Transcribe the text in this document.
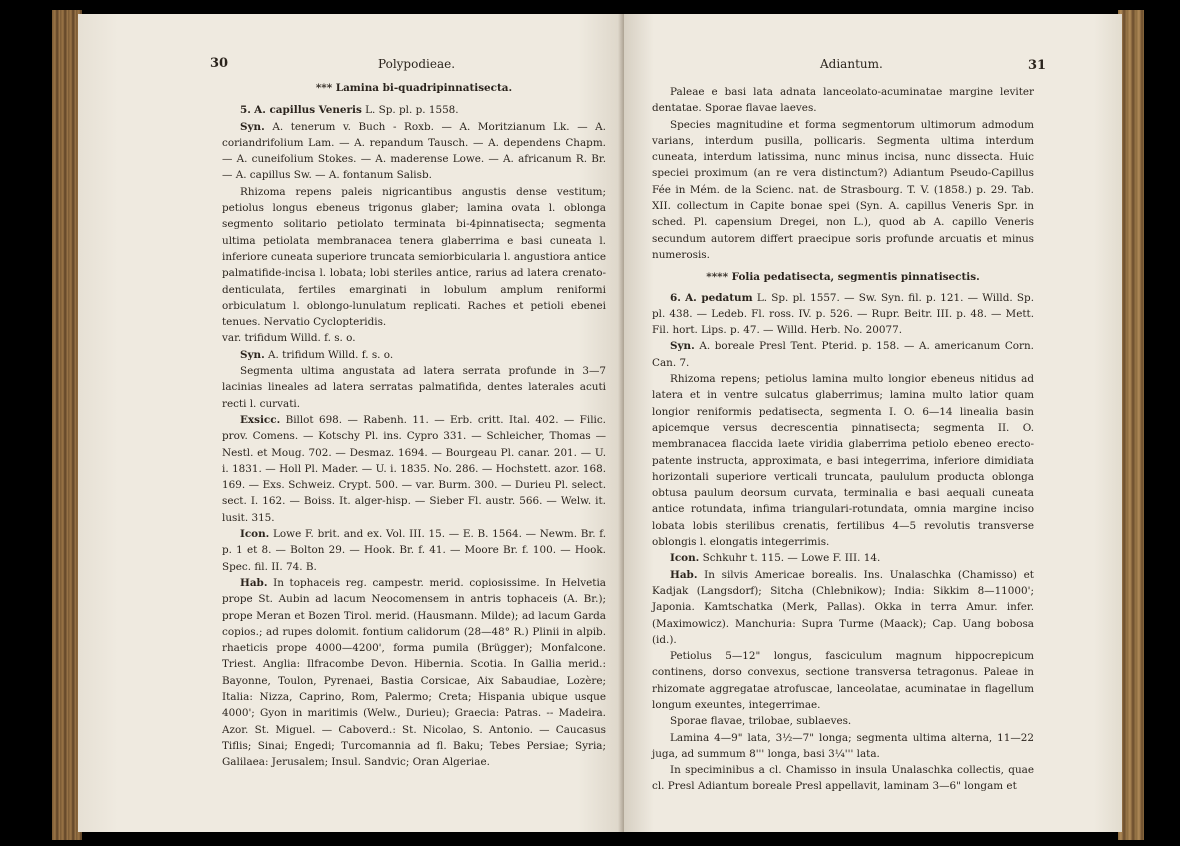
30	Polypodieae.

*** Lamina bi-quadripinnatisecta.

5. A. capillus Veneris L. Sp. pl. p. 1558.

Syn. A. tenerum v. Buch - Roxb. — A. Moritzianum Lk. — A. coriandrifolium Lam. — A. repandum Tausch. — A. dependens Chapm. — A. cuneifolium Stokes. — A. maderense Lowe. — A. africanum R. Br. — A. capillus Sw. — A. fontanum Salisb.

Rhizoma repens paleis nigricantibus angustis dense vestitum; petiolus longus ebeneus trigonus glaber; lamina ovata l. oblonga segmento solitario petiolato terminata bi-4pinnatisecta; segmenta ultima petiolata membranacea tenera glaberrima e basi cuneata l. inferiore cuneata superiore truncata semiorbicularia l. angustiora antice palmatifide-incisa l. lobata; lobi steriles antice, rarius ad latera crenato-denticulata, fertiles emarginati in lobulum amplum reniformi orbiculatum l. oblongo-lunulatum replicati. Raches et petioli ebenei tenues. Nervatio Cyclopteridis.

var. trifidum Willd. f. s. o.

Syn. A. trifidum Willd. f. s. o.

Segmenta ultima angustata ad latera serrata profunde in 3—7 lacinias lineales ad latera serratas palmatifida, dentes laterales acuti recti l. curvati.

Exsicc. Billot 698. — Rabenh. 11. — Erb. critt. Ital. 402. — Filic. prov. Comens. — Kotschy Pl. ins. Cypro 331. — Schleicher, Thomas — Nestl. et Moug. 702. — Desmaz. 1694. — Bourgeau Pl. canar. 201. — U. i. 1831. — Holl Pl. Mader. — U. i. 1835. No. 286. — Hochstett. azor. 168. 169. — Exs. Schweiz. Crypt. 500. — var. Burm. 300. — Durieu Pl. select. sect. I. 162. — Boiss. It. alger-hisp. — Sieber Fl. austr. 566. — Welw. it. lusit. 315.

Icon. Lowe F. brit. and ex. Vol. III. 15. — E. B. 1564. — Newm. Br. f. p. 1 et 8. — Bolton 29. — Hook. Br. f. 41. — Moore Br. f. 100. — Hook. Spec. fil. II. 74. B.

Hab. In tophaceis reg. campestr. merid. copiosissime. In Helvetia prope St. Aubin ad lacum Neocomensem in antris tophaceis (A. Br.); prope Meran et Bozen Tirol. merid. (Hausmann. Milde); ad lacum Garda copios.; ad rupes dolomit. fontium calidorum (28—48° R.) Plinii in alpib. rhaeticis prope 4000—4200', forma pumila (Brügger); Monfalcone. Triest. Anglia: Ilfracombe Devon. Hibernia. Scotia. In Gallia merid.: Bayonne, Toulon, Pyrenaei, Bastia Corsicae, Aix Sabaudiae, Lozère; Italia: Nizza, Caprino, Rom, Palermo; Creta; Hispania ubique usque 4000'; Gyon in maritimis (Welw., Durieu); Graecia: Patras. -- Madeira. Azor. St. Miguel. — Caboverd.: St. Nicolao, S. Antonio. — Caucasus Tiflis; Sinai; Engedi; Turcomannia ad fl. Baku; Tebes Persiae; Syria; Galilaea: Jerusalem; Insul. Sandvic; Oran Algeriae.

Adiantum.	31

Paleae e basi lata adnata lanceolato-acuminatae margine leviter dentatae. Sporae flavae laeves.

Species magnitudine et forma segmentorum ultimorum admodum varians, interdum pusilla, pollicaris. Segmenta ultima interdum cuneata, interdum latissima, nunc minus incisa, nunc dissecta. Huic speciei proximum (an re vera distinctum?) Adiantum Pseudo-Capillus Fée in Mém. de la Scienc. nat. de Strasbourg. T. V. (1858.) p. 29. Tab. XII. collectum in Capite bonae spei (Syn. A. capillus Veneris Spr. in sched. Pl. capensium Dregei, non L.), quod ab A. capillo Veneris secundum autorem differt praecipue soris profunde arcuatis et minus numerosis.

**** Folia pedatisecta, segmentis pinnatisectis.

6. A. pedatum L. Sp. pl. 1557. — Sw. Syn. fil. p. 121. — Willd. Sp. pl. 438. — Ledeb. Fl. ross. IV. p. 526. — Rupr. Beitr. III. p. 48. — Mett. Fil. hort. Lips. p. 47. — Willd. Herb. No. 20077.

Syn. A. boreale Presl Tent. Pterid. p. 158. — A. americanum Corn. Can. 7.

Rhizoma repens; petiolus lamina multo longior ebeneus nitidus ad latera et in ventre sulcatus glaberrimus; lamina multo latior quam longior reniformis pedatisecta, segmenta I. O. 6—14 linealia basin apicemque versus decrescentia pinnatisecta; segmenta II. O. membranacea flaccida laete viridia glaberrima petiolo ebeneo erecto-patente instructa, approximata, e basi integerrima, inferiore dimidiata horizontali superiore verticali truncata, paululum producta oblonga obtusa paulum deorsum curvata, terminalia e basi aequali cuneata antice rotundata, infima triangulari-rotundata, omnia margine inciso lobata lobis sterilibus crenatis, fertilibus 4—5 revolutis transverse oblongis l. elongatis integerrimis.

Icon. Schkuhr t. 115. — Lowe F. III. 14.

Hab. In silvis Americae borealis. Ins. Unalaschka (Chamisso) et Kadjak (Langsdorf); Sitcha (Chlebnikow); India: Sikkim 8—11000'; Japonia. Kamtschatka (Merk, Pallas). Okka in terra Amur. infer. (Maximowicz). Manchuria: Supra Turme (Maack); Cap. Uang bobosa (id.).

Petiolus 5—12" longus, fasciculum magnum hippocrepicum continens, dorso convexus, sectione transversa tetragonus. Paleae in rhizomate aggregatae atrofuscae, lanceolatae, acuminatae in flagellum longum exeuntes, integerrimae.

Sporae flavae, trilobae, sublaeves.

Lamina 4—9" lata, 3½—7" longa; segmenta ultima alterna, 11—22 juga, ad summum 8''' longa, basi 3¼''' lata.

In speciminibus a cl. Chamisso in insula Unalaschka collectis, quae cl. Presl Adiantum boreale Presl appellavit, laminam 3—6" longam et
